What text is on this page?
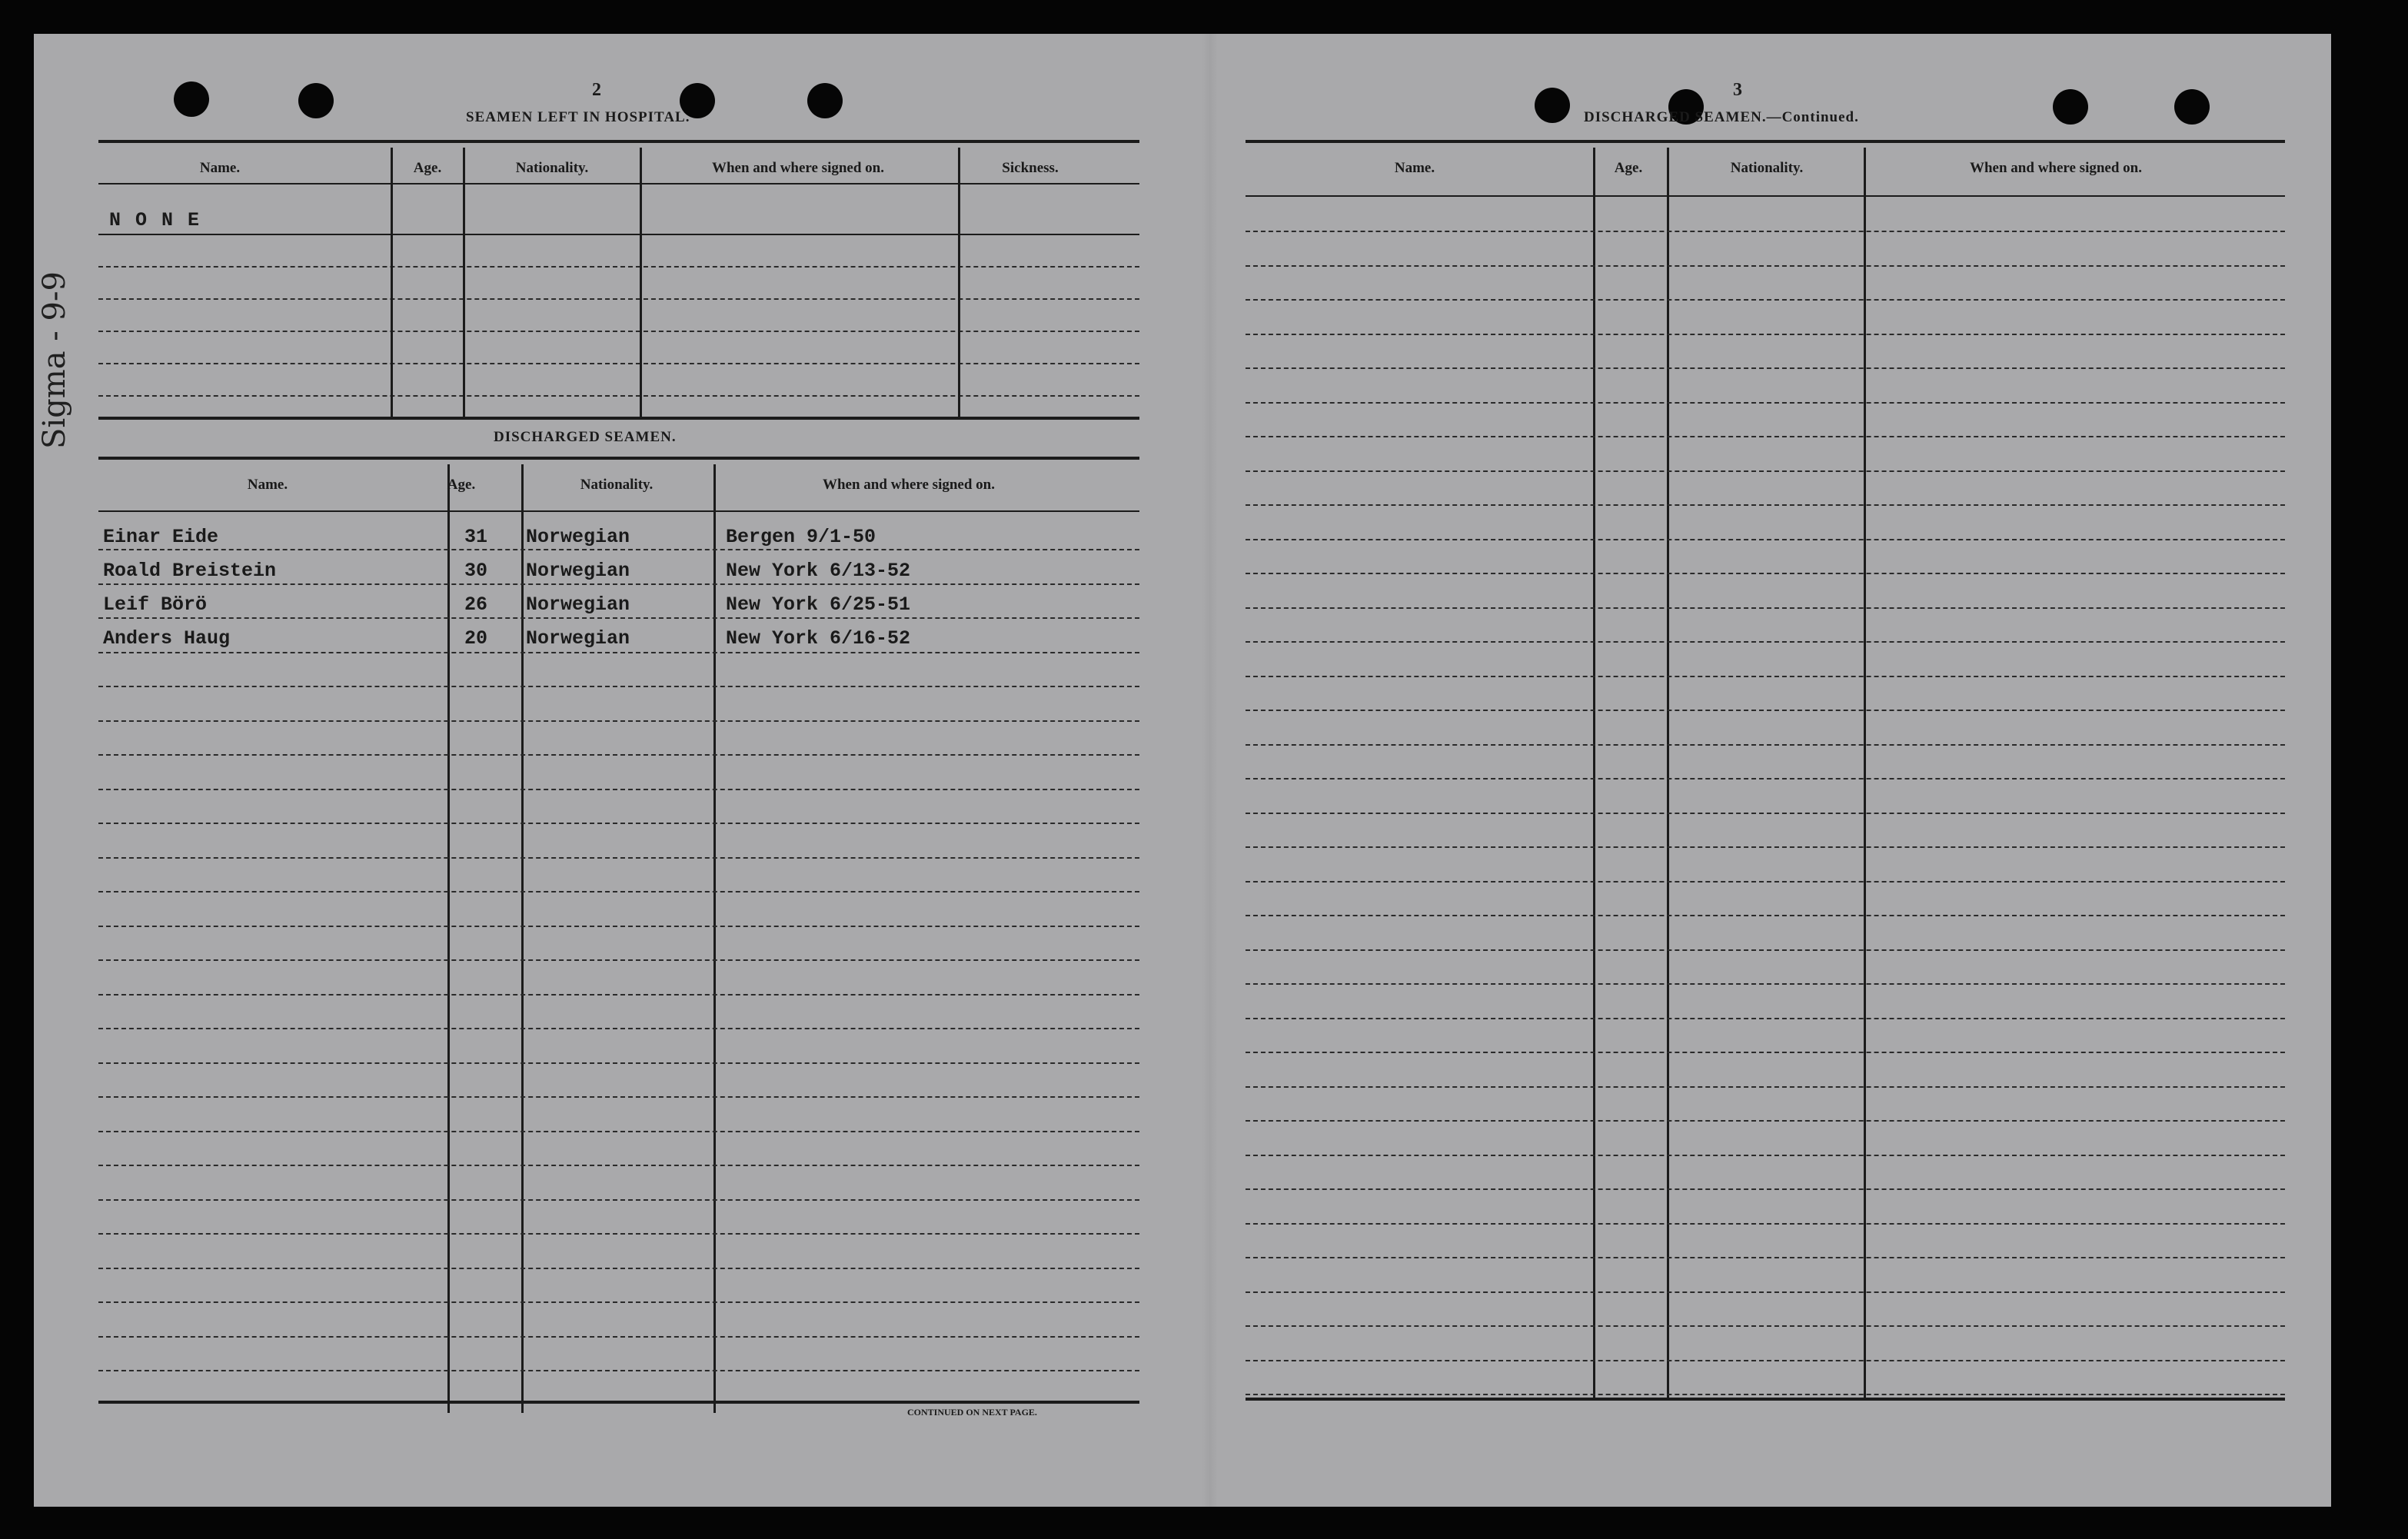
Sigma - 9-9
2
SEAMEN LEFT IN HOSPITAL.
Name.	Age.	Nationality.	When and where signed on.	Sickness.
N O N E
DISCHARGED SEAMEN.
Name.	Age.	Nationality.	When and where signed on.
Einar Eide	31 Norwegian	Bergen 9/1-50
Roald Breistein	30 Norwegian	New York 6/13-52
Leif Börö	26 Norwegian	New York 6/25-51
Anders Haug	20 Norwegian	New York 6/16-52
CONTINUED ON NEXT PAGE.
3
DISCHARGED SEAMEN.—Continued.
Name.	Age.	Nationality.	When and where signed on.
